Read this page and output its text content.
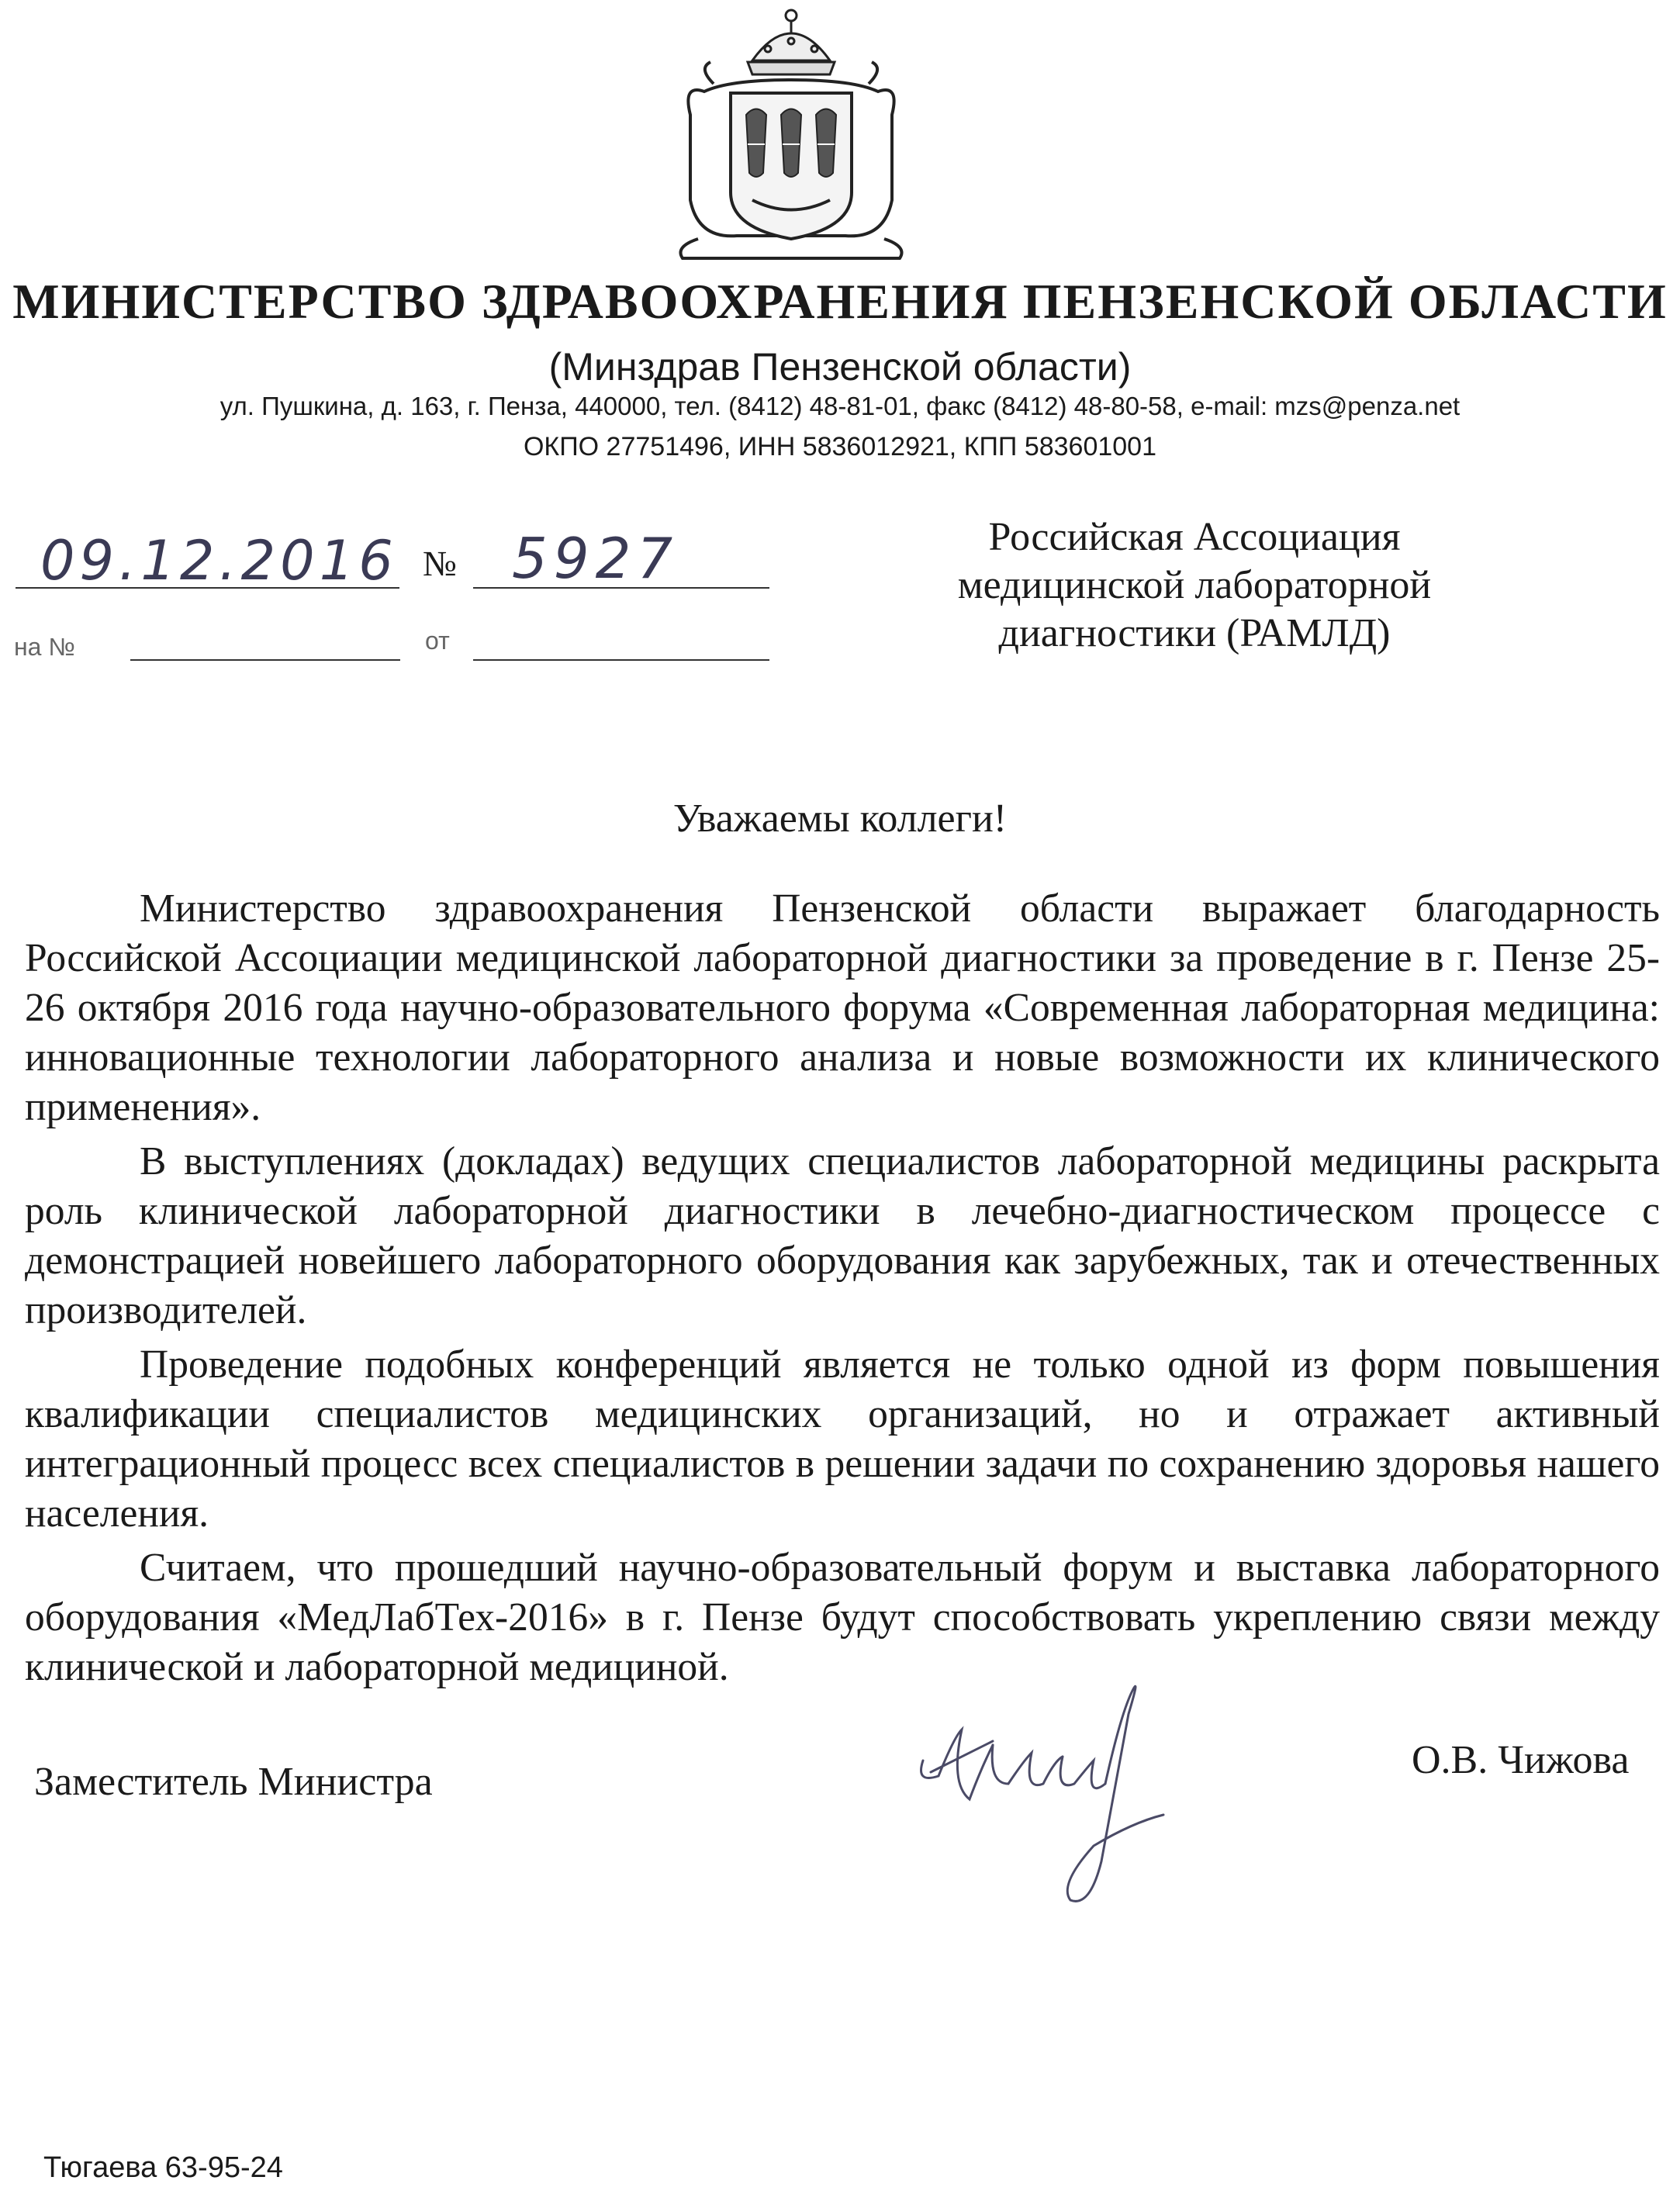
МИНИСТЕРСТВО ЗДРАВООХРАНЕНИЯ ПЕНЗЕНСКОЙ ОБЛАСТИ
(Минздрав Пензенской области)
ул. Пушкина, д. 163, г. Пенза, 440000, тел. (8412) 48-81-01, факс (8412) 48-80-58, e-mail: mzs@penza.net
ОКПО 27751496, ИНН 5836012921, КПП 583601001
09.12.2016 № 5927
на №	от
Российская Ассоциация
медицинской лабораторной
диагностики (РАМЛД)
Уважаемы коллеги!

Министерство здравоохранения Пензенской области выражает благодарность Российской Ассоциации медицинской лабораторной диагностики за проведение в г. Пензе 25-26 октября 2016 года научно-образовательного форума «Современная лабораторная медицина: инновационные технологии лабораторного анализа и новые возможности их клинического применения».

В выступлениях (докладах) ведущих специалистов лабораторной медицины раскрыта роль клинической лабораторной диагностики в лечебно-диагностическом процессе с демонстрацией новейшего лабораторного оборудования как зарубежных, так и отечественных производителей.

Проведение подобных конференций является не только одной из форм повышения квалификации специалистов медицинских организаций, но и отражает активный интеграционный процесс всех специалистов в решении задачи по сохранению здоровья нашего населения.

Считаем, что прошедший научно-образовательный форум и выставка лабораторного оборудования «МедЛабТех-2016» в г. Пензе будут способствовать укреплению связи между клинической и лабораторной медициной.

Заместитель Министра	О.В. Чижова
Тюгаева 63-95-24
